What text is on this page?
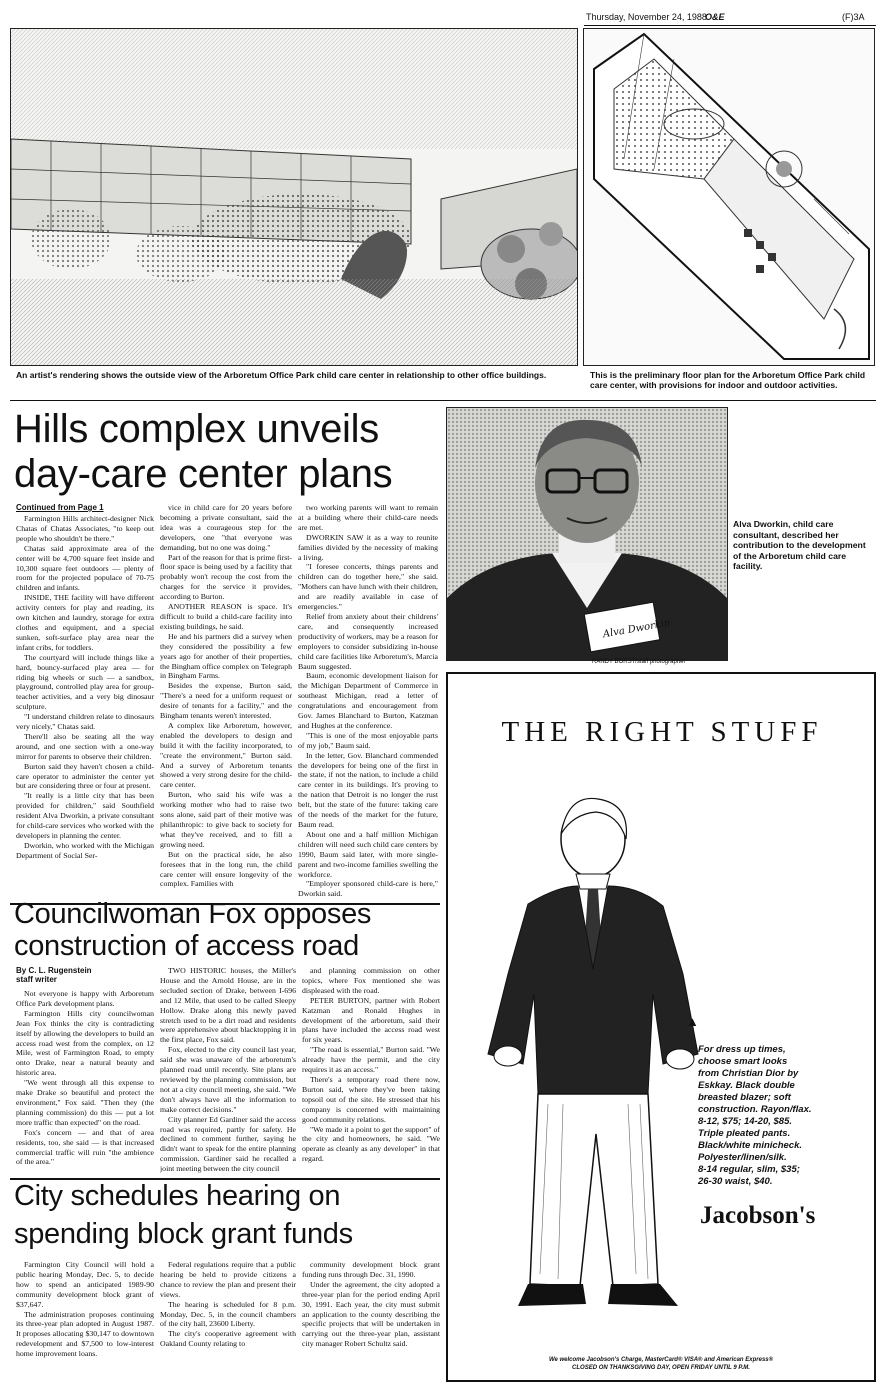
Thursday, November 24, 1988
O&E	(F)3A
An artist's rendering shows the outside view of the Arboretum Office Park child care center in relationship to other office buildings.	This is the preliminary floor plan for the Arboretum Office Park child care center, with provisions for indoor and outdoor activities.
Hills complex unveils
day-care center plans
Alva Dworkin
Alva Dworkin, child care consultant, described her contribution to the development of the Arboretum child care facility.
RANDY BORST/staff photographer
Continued from Page 1

Farmington Hills architect-designer Nick Chatas of Chatas Associates, "to keep out people who shouldn't be there."

Chatas said approximate area of the center will be 4,700 square feet inside and 10,300 square feet outdoors — plenty of room for the projected populace of 70-75 children and infants.

INSIDE, THE facility will have different activity centers for play and reading, its own kitchen and laundry, storage for extra clothes and equipment, and a special sunken, soft-surface play area near the infant cribs, for toddlers.

The courtyard will include things like a hard, bouncy-surfaced play area — for riding big wheels or such — a sandbox, playground, controlled play area for group-teacher activities, and a very big dinosaur sculpture.

"I understand children relate to dinosaurs very nicely," Chatas said.

There'll also be seating all the way around, and one section with a one-way mirror for parents to observe their children.

Burton said they haven't chosen a child-care operator to administer the center yet but are considering three or four at present.

"It really is a little city that has been provided for children," said Southfield resident Alva Dworkin, a private consultant for child-care services who worked with the developers in planning the center.

Dworkin, who worked with the Michigan Department of Social Ser-

vice in child care for 20 years before becoming a private consultant, said the idea was a courageous step for the developers, one "that everyone was demanding, but no one was doing."

Part of the reason for that is prime first-floor space is being used by a facility that probably won't recoup the cost from the charges for the service it provides, according to Burton.

ANOTHER REASON is space. It's difficult to build a child-care facility into existing buildings, he said.

He and his partners did a survey when they considered the possibility a few years ago for another of their properties, the Bingham office complex on Telegraph in Bingham Farms.

Besides the expense, Burton said, "There's a need for a uniform request or desire of tenants for a facility," and the Bingham tenants weren't interested.

A complex like Arboretum, however, enabled the developers to design and build it with the facility incorporated, to "create the environment," Burton said. And a survey of Arboretum tenants showed a very strong desire for the child-care center.

Burton, who said his wife was a working mother who had to raise two sons alone, said part of their motive was philanthropic: to give back to society for what they've received, and to fill a growing need.

But on the practical side, he also foresees that in the long run, the child care center will ensure longevity of the complex. Families with

two working parents will want to remain at a building where their child-care needs are met.

DWORKIN SAW it as a way to reunite families divided by the necessity of making a living.

"I foresee concerts, things parents and children can do together here," she said. "Mothers can have lunch with their children, and are readily available in case of emergencies."

Relief from anxiety about their childrens' care, and consequently increased productivity of workers, may be a reason for employers to consider subsidizing in-house child care facilities like Arboretum's, Marcia Baum suggested.

Baum, economic development liaison for the Michigan Department of Commerce in southeast Michigan, read a letter of congratulations and encouragement from Gov. James Blanchard to Burton, Katzman and Hughes at the conference.

"This is one of the most enjoyable parts of my job," Baum said.

In the letter, Gov. Blanchard commended the developers for being one of the first in the state, if not the nation, to include a child care center in its buildings. It's proving to the nation that Detroit is no longer the rust belt, but the state of the future: taking care of the needs of the market for the future, Baum read.

About one and a half million Michigan children will need such child care centers by 1990, Baum said later, with more single-parent and two-income families swelling the workforce.

"Employer sponsored child-care is here," Dworkin said.

Councilwoman Fox opposes
construction of access road
By C. L. Rugenstein
staff writer

Not everyone is happy with Arboretum Office Park development plans.

Farmington Hills city councilwoman Jean Fox thinks the city is contradicting itself by allowing the developers to build an access road west from the complex, on 12 Mile, west of Farmington Road, to empty onto Drake, near a natural beauty and historic area.

"We went through all this expense to make Drake so beautiful and protect the environment," Fox said. "Then they (the planning commission) do this — put a lot more traffic than expected" on the road.

Fox's concern — and that of area residents, too, she said — is that increased commercial traffic will ruin "the ambience of the area."

TWO HISTORIC houses, the Miller's House and the Arnold House, are in the secluded section of Drake, between I-696 and 12 Mile, that used to be called Sleepy Hollow. Drake along this newly paved stretch used to be a dirt road and residents were apprehensive about blacktopping it in the first place, Fox said.

Fox, elected to the city council last year, said she was unaware of the arboretum's planned road until recently. Site plans are reviewed by the planning commission, but not at a city council meeting, she said. "We don't always have all the information to make correct decisions."

City planner Ed Gardiner said the access road was required, partly for safety. He declined to comment further, saying he didn't want to speak for the entire planning commission. Gardiner said he recalled a joint meeting between the city council

and planning commission on other topics, where Fox mentioned she was displeased with the road.

PETER BURTON, partner with Robert Katzman and Ronald Hughes in development of the arboretum, said their plans have included the access road west for six years.

"The road is essential," Burton said. "We already have the permit, and the city requires it as an access."

There's a temporary road there now, Burton said, where they've been taking topsoil out of the site. He stressed that his company is concerned with maintaining good community relations.

"We made it a point to get the support" of the city and homeowners, he said. "We operate as cleanly as any developer" in that regard.

City schedules hearing on
spending block grant funds

Farmington City Council will hold a public hearing Monday, Dec. 5, to decide how to spend an anticipated 1989-90 community development block grant of $37,647.

The administration proposes continuing its three-year plan adopted in August 1987. It proposes allocating $30,147 to downtown redevelopment and $7,500 to low-interest home improvement loans.

Federal regulations require that a public hearing be held to provide citizens a chance to review the plan and present their views.

The hearing is scheduled for 8 p.m. Monday, Dec. 5, in the council chambers of the city hall, 23600 Liberty.

The city's cooperative agreement with Oakland County relating to

community development block grant funding runs through Dec. 31, 1990.

Under the agreement, the city adopted a three-year plan for the period ending April 30, 1991. Each year, the city must submit an application to the county describing the specific projects that will be undertaken in carrying out the three-year plan, assistant city manager Robert Schultz said.

THE RIGHT STUFF
▲
For dress up times,
choose smart looks
from Christian Dior by
Eskkay. Black double
breasted blazer; soft
construction. Rayon/flax.
8-12, $75; 14-20, $85.
Triple pleated pants.
Black/white minicheck.
Polyester/linen/silk.
8-14 regular, slim, $35;
26-30 waist, $40.
Jacobson's
We welcome Jacobson's Charge, MasterCard® VISA® and American Express®
CLOSED ON THANKSGIVING DAY, OPEN FRIDAY UNTIL 9 P.M.
